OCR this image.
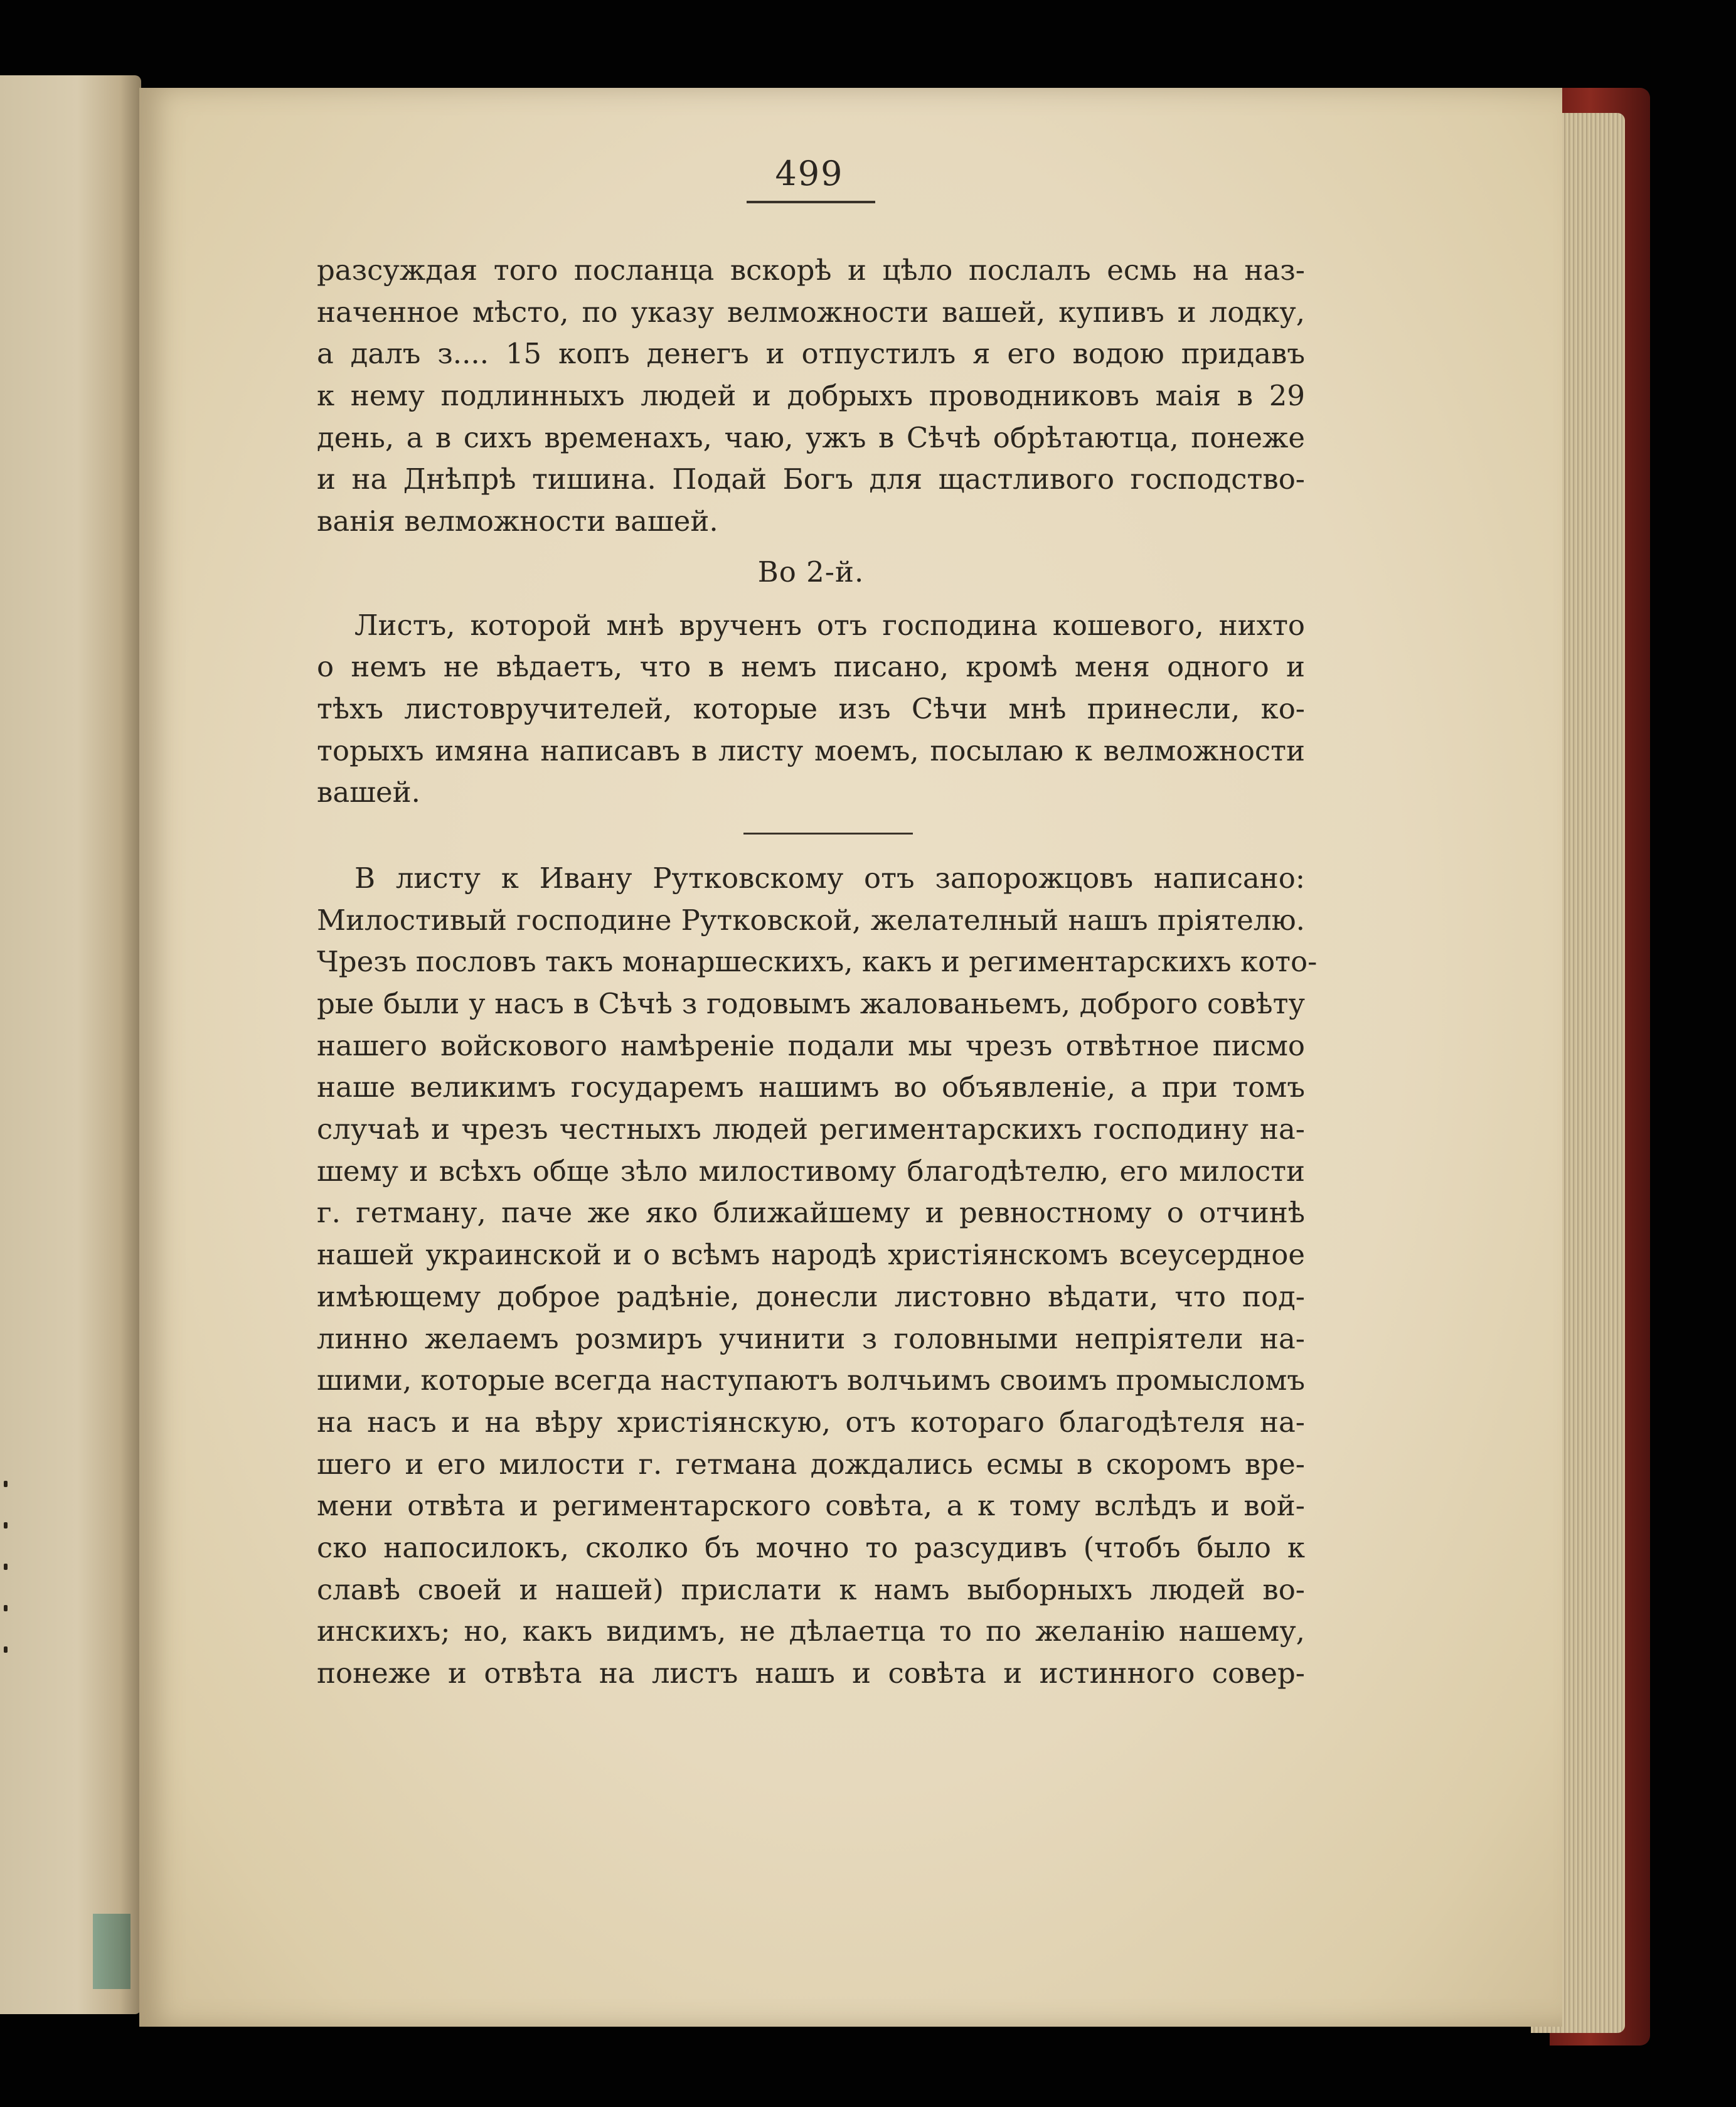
499
разсуждая того посланца вскорѣ и цѣло послалъ есмь на наз-
наченное мѣсто, по указу велможности вашей, купивъ и лодку,
а далъ з.... 15 копъ денегъ и отпустилъ я его водою придавъ
к нему подлинныхъ людей и добрыхъ проводниковъ маія в 29
день, а в сихъ временахъ, чаю, ужъ в Сѣчѣ обрѣтаютца, понеже
и на Днѣпрѣ тишина. Подай Богъ для щастливого господство-
ванія велможности вашей.
Во 2-й.
Листъ, которой мнѣ врученъ отъ господина кошевого, нихто
о немъ не вѣдаетъ, что в немъ писано, кромѣ меня одного и
тѣхъ листовручителей, которые изъ Сѣчи мнѣ принесли, ко-
торыхъ имяна написавъ в листу моемъ, посылаю к велможности
вашей.
В листу к Ивану Рутковскому отъ запорожцовъ написано:
Милостивый господине Рутковской, желателный нашъ пріятелю.
Чрезъ пословъ такъ монаршескихъ, какъ и региментарскихъ кото-
рые были у насъ в Сѣчѣ з годовымъ жалованьемъ, доброго совѣту
нашего войскового намѣреніе подали мы чрезъ отвѣтное писмо
наше великимъ государемъ нашимъ во объявленіе, а при томъ
случаѣ и чрезъ честныхъ людей региментарскихъ господину на-
шему и всѣхъ обще зѣло милостивому благодѣтелю, его милости
г. гетману, паче же яко ближайшему и ревностному о отчинѣ
нашей украинской и о всѣмъ народѣ христіянскомъ всеусердное
имѣющему доброе радѣніе, донесли листовно вѣдати, что под-
линно желаемъ розмиръ учинити з головными непріятели на-
шими, которые всегда наступаютъ волчьимъ своимъ промысломъ
на насъ и на вѣру христіянскую, отъ котораго благодѣтеля на-
шего и его милости г. гетмана дождались есмы в скоромъ вре-
мени отвѣта и региментарского совѣта, а к тому вслѣдъ и вой-
ско напосилокъ, сколко бъ мочно то разсудивъ (чтобъ было к
славѣ своей и нашей) прислати к намъ выборныхъ людей во-
инскихъ; но, какъ видимъ, не дѣлаетца то по желанію нашему,
понеже и отвѣта на листъ нашъ и совѣта и истинного совер-
